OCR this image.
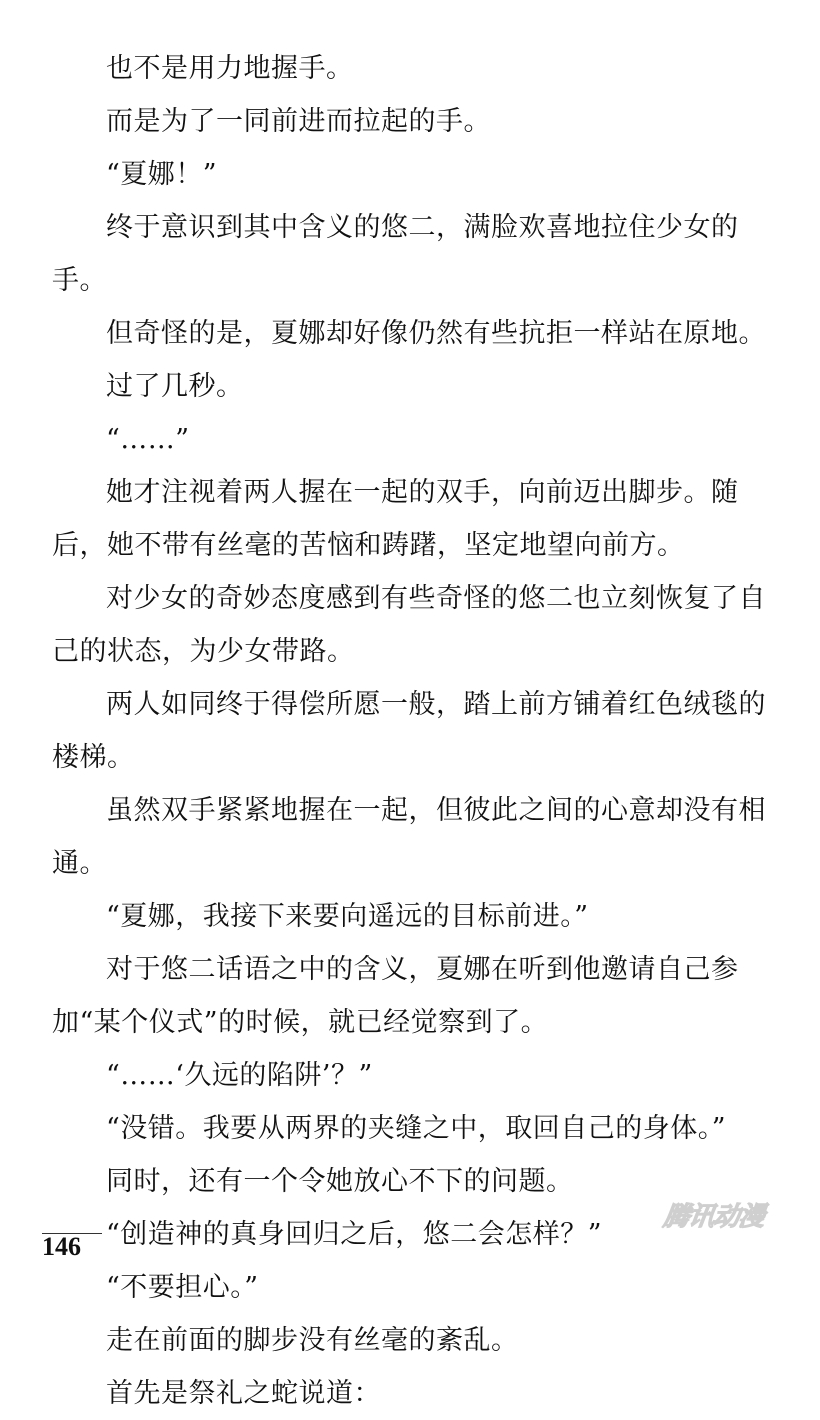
也不是用力地握手。

而是为了一同前进而拉起的手。

“夏娜！”

终于意识到其中含义的悠二，满脸欢喜地拉住少女的手。

但奇怪的是，夏娜却好像仍然有些抗拒一样站在原地。

过了几秒。

“……”

她才注视着两人握在一起的双手，向前迈出脚步。随后，她不带有丝毫的苦恼和踌躇，坚定地望向前方。

对少女的奇妙态度感到有些奇怪的悠二也立刻恢复了自己的状态，为少女带路。

两人如同终于得偿所愿一般，踏上前方铺着红色绒毯的楼梯。

虽然双手紧紧地握在一起，但彼此之间的心意却没有相通。

“夏娜，我接下来要向遥远的目标前进。”

对于悠二话语之中的含义，夏娜在听到他邀请自己参加“某个仪式”的时候，就已经觉察到了。

“……‘久远的陷阱’？”

“没错。我要从两界的夹缝之中，取回自己的身体。”

同时，还有一个令她放心不下的问题。

“创造神的真身回归之后，悠二会怎样？”

“不要担心。”

走在前面的脚步没有丝毫的紊乱。

首先是祭礼之蛇说道：

146
腾讯动漫
